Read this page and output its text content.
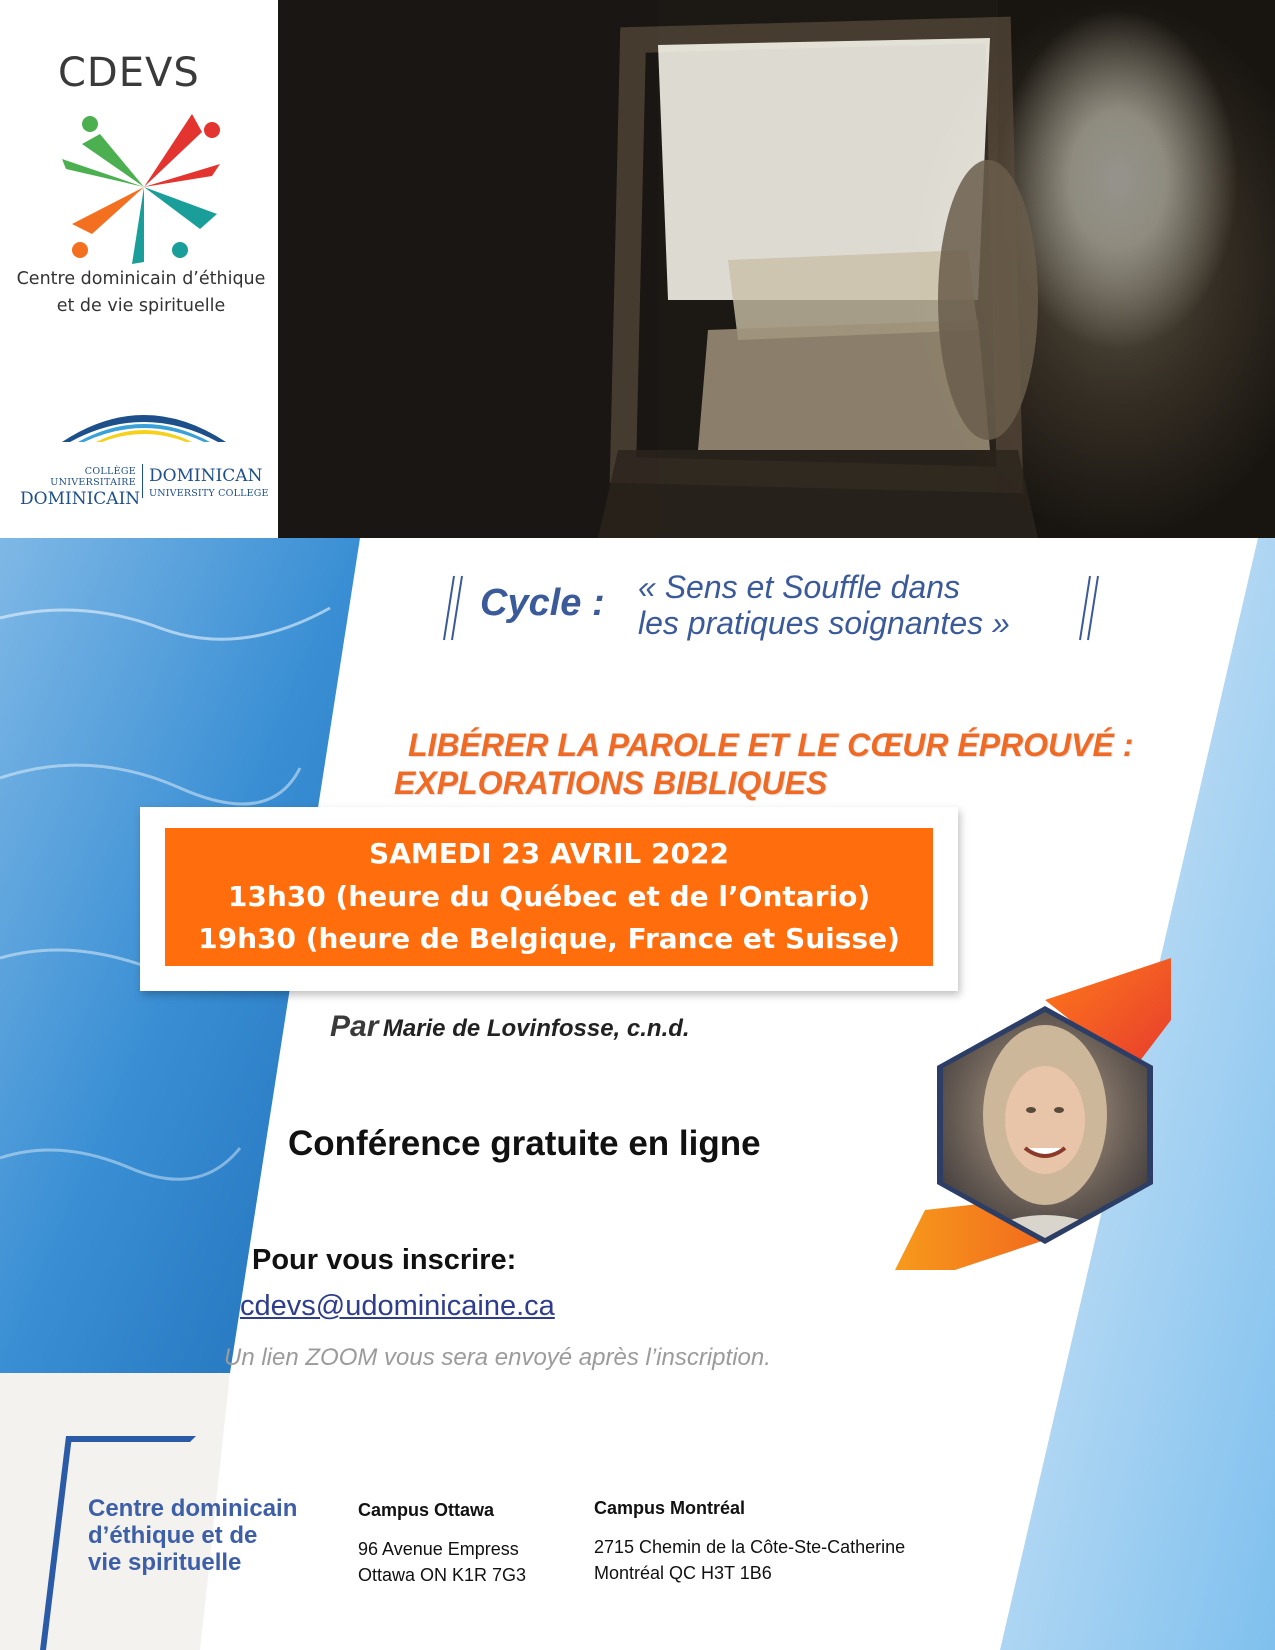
CDEVS
Centre dominicain d’éthique
et de vie spirituelle
COLLÈGE UNIVERSITAIRE
DOMINICAIN
DOMINICAN
UNIVERSITY COLLEGE
Cycle : « Sens et Souffle dans
les pratiques soignantes »
LIBÉRER LA PAROLE ET LE CŒUR ÉPROUVÉ :
EXPLORATIONS BIBLIQUES
SAMEDI 23 AVRIL 2022
13h30 (heure du Québec et de l’Ontario)
19h30 (heure de Belgique, France et Suisse)
Par Marie de Lovinfosse, c.n.d.
Conférence gratuite en ligne
Pour vous inscrire:
cdevs@udominicaine.ca
Un lien ZOOM vous sera envoyé après l’inscription.
Centre dominicain
d’éthique et de
vie spirituelle
Campus Ottawa
96 Avenue Empress
Ottawa ON K1R 7G3
Campus Montréal
2715 Chemin de la Côte-Ste-Catherine
Montréal QC H3T 1B6
